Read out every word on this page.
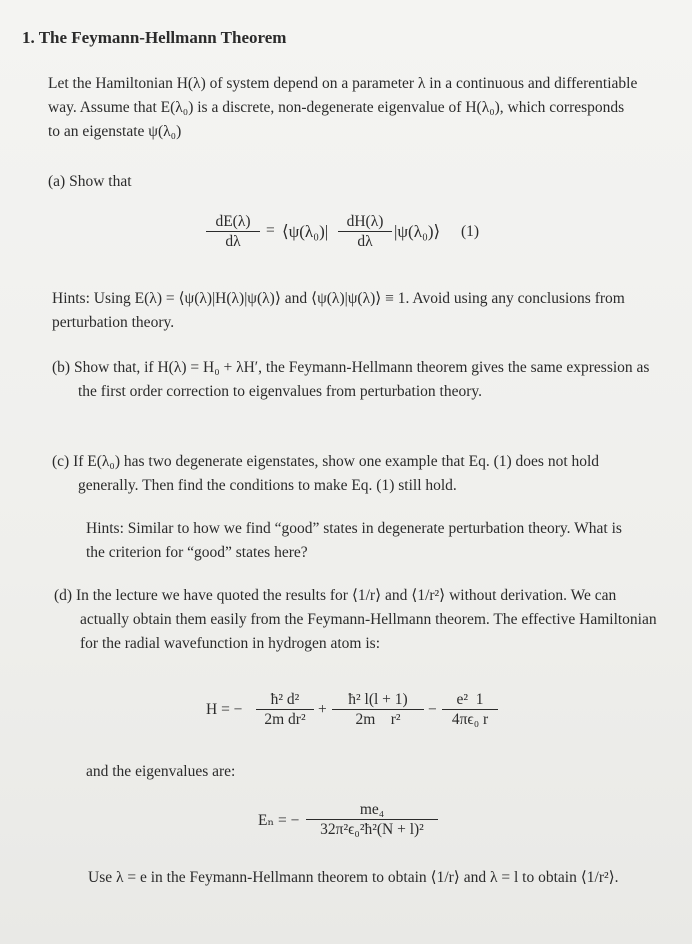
1. The Feymann-Hellmann Theorem
Let the Hamiltonian H(λ) of system depend on a parameter λ in a continuous and differentiable way. Assume that E(λ₀) is a discrete, non-degenerate eigenvalue of H(λ₀), which corresponds to an eigenstate ψ(λ₀)
(a) Show that
$\frac{dE(\lambda)}{d\lambda}$ = ⟨ψ(λ₀)| $\frac{dH(\lambda)}{d\lambda}$ |ψ(λ₀)⟩ (1)
Hints: Using E(λ) = ⟨ψ(λ)|H(λ)|ψ(λ)⟩ and ⟨ψ(λ)|ψ(λ)⟩ ≡ 1. Avoid using any conclusions from perturbation theory.
(b) Show that, if H(λ) = H₀ + λH′, the Feymann-Hellmann theorem gives the same expression as the first order correction to eigenvalues from perturbation theory.
(c) If E(λ₀) has two degenerate eigenstates, show one example that Eq. (1) does not hold generally. Then find the conditions to make Eq. (1) still hold.
Hints: Similar to how we find “good” states in degenerate perturbation theory. What is the criterion for “good” states here?
(d) In the lecture we have quoted the results for ⟨1/r⟩ and ⟨1/r²⟩ without derivation. We can actually obtain them easily from the Feymann-Hellmann theorem. The effective Hamiltonian for the radial wavefunction in hydrogen atom is:
H = − $\frac{\text{ħ² d²}}{\text{2m dr²}} + \frac{\text{ħ² l(l + 1)}}{\text{2m    r²}} - \frac{\text{e²  1}}{\text{4πϵ₀ r}}$
and the eigenvalues are:
Eₙ = − $\frac{\text{me₄}}{\text{32π²ϵ₀²ħ²(N + l)²}}$
Use λ = e in the Feymann-Hellmann theorem to obtain ⟨1/r⟩ and λ = l to obtain ⟨1/r²⟩.
